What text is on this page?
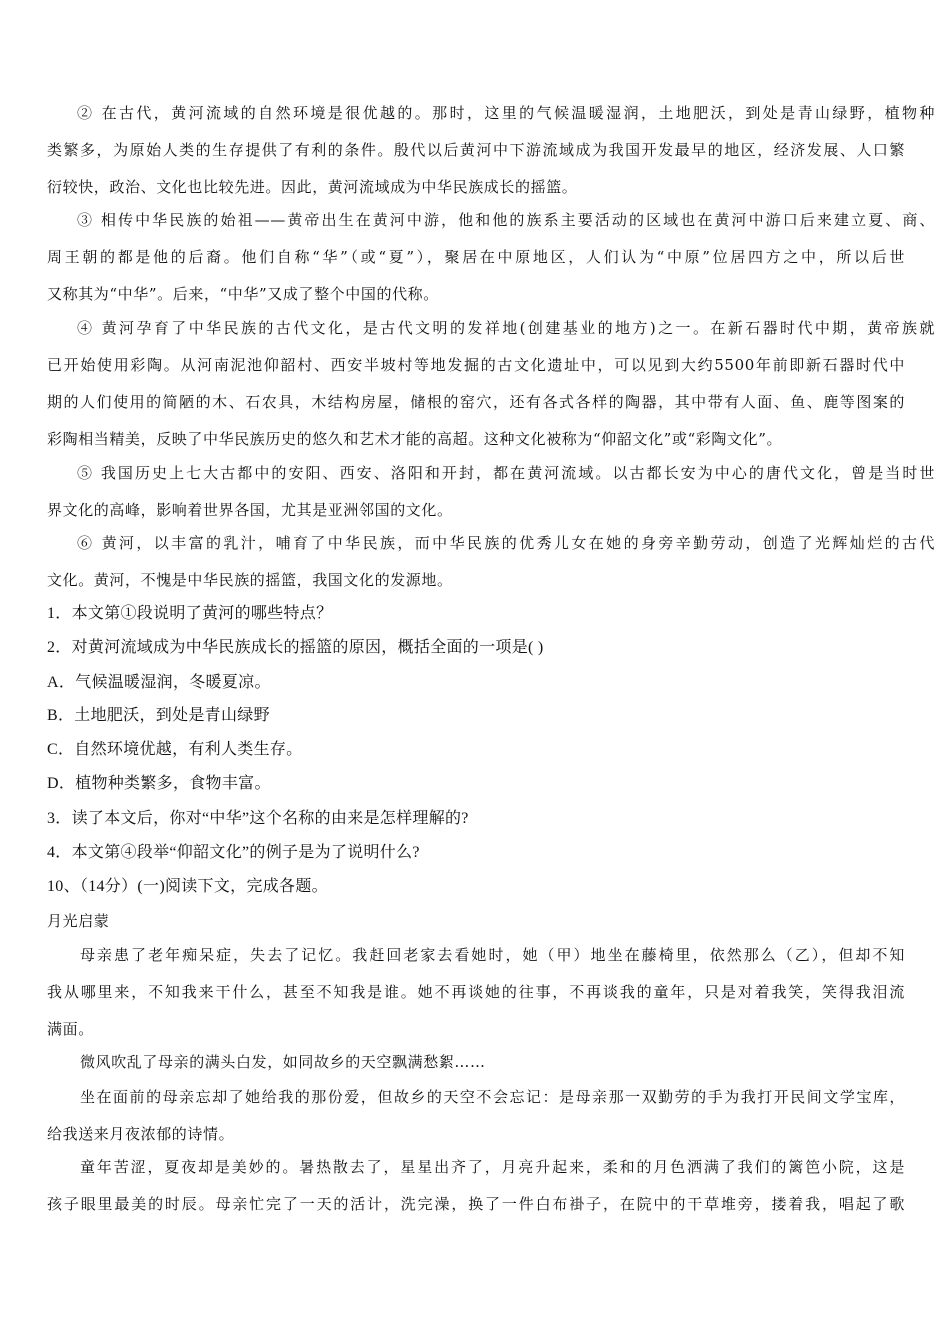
② 在古代，黄河流域的自然环境是很优越的。那时，这里的气候温暖湿润，土地肥沃，到处是青山绿野，植物种
类繁多，为原始人类的生存提供了有利的条件。殷代以后黄河中下游流域成为我国开发最早的地区，经济发展、人口繁
衍较快，政治、文化也比较先进。因此，黄河流域成为中华民族成长的摇篮。
③ 相传中华民族的始祖——黄帝出生在黄河中游，他和他的族系主要活动的区域也在黄河中游口后来建立夏、商、
周王朝的都是他的后裔。他们自称“华”（或“夏”），聚居在中原地区，人们认为“中原”位居四方之中，所以后世
又称其为“中华”。后来，“中华”又成了整个中国的代称。
④ 黄河孕育了中华民族的古代文化，是古代文明的发祥地(创建基业的地方)之一。在新石器时代中期，黄帝族就
已开始使用彩陶。从河南泥池仰韶村、西安半坡村等地发掘的古文化遗址中，可以见到大约5500年前即新石器时代中
期的人们使用的简陋的木、石农具，木结构房屋，储根的窑穴，还有各式各样的陶器，其中带有人面、鱼、鹿等图案的
彩陶相当精美，反映了中华民族历史的悠久和艺术才能的高超。这种文化被称为“仰韶文化”或“彩陶文化”。
⑤ 我国历史上七大古都中的安阳、西安、洛阳和开封，都在黄河流域。以古都长安为中心的唐代文化，曾是当时世
界文化的高峰，影响着世界各国，尤其是亚洲邻国的文化。
⑥ 黄河，以丰富的乳汁，哺育了中华民族，而中华民族的优秀儿女在她的身旁辛勤劳动，创造了光辉灿烂的古代
文化。黄河，不愧是中华民族的摇篮，我国文化的发源地。
1．本文第①段说明了黄河的哪些特点？
2．对黄河流域成为中华民族成长的摇篮的原因，概括全面的一项是( )
A．气候温暖湿润，冬暖夏凉。
B．土地肥沃，到处是青山绿野
C．自然环境优越，有利人类生存。
D．植物种类繁多，食物丰富。
3．读了本文后，你对“中华”这个名称的由来是怎样理解的?
4．本文第④段举“仰韶文化”的例子是为了说明什么?
10、（14分）(一)阅读下文，完成各题。
月光启蒙
母亲患了老年痴呆症，失去了记忆。我赶回老家去看她时，她（甲）地坐在藤椅里，依然那么（乙），但却不知
我从哪里来，不知我来干什么，甚至不知我是谁。她不再谈她的往事，不再谈我的童年，只是对着我笑，笑得我泪流
满面。
微风吹乱了母亲的满头白发，如同故乡的天空飘满愁絮……
坐在面前的母亲忘却了她给我的那份爱，但故乡的天空不会忘记：是母亲那一双勤劳的手为我打开民间文学宝库，
给我送来月夜浓郁的诗情。
童年苦涩，夏夜却是美妙的。暑热散去了，星星出齐了，月亮升起来，柔和的月色洒满了我们的篱笆小院，这是
孩子眼里最美的时辰。母亲忙完了一天的活计，洗完澡，换了一件白布褂子，在院中的干草堆旁，搂着我，唱起了歌
